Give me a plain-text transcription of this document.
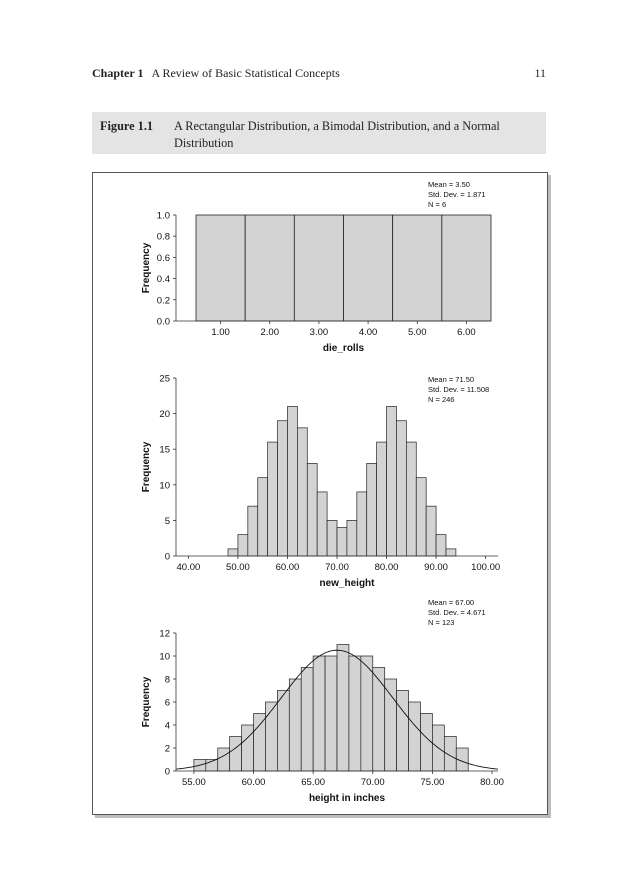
Chapter 1 A Review of Basic Statistical Concepts	11
Figure 1.1 A Rectangular Distribution, a Bimodal Distribution, and a Normal Distribution
Mean = 3.50
Std. Dev. = 1.871
N = 6
1.00	2.00	3.00	4.00	5.00	6.00
0.0
0.2
0.4
0.6
0.8
1.0
Frequency
die_rolls
Mean = 71.50
Std. Dev. = 11.508
N = 246
40.00	50.00	60.00	70.00	80.00	90.00 100.00
0
5
10
15
20
25
Frequency
new_height
Mean = 67.00
Std. Dev. = 4.671
N = 123
55.00	60.00	65.00	70.00	75.00	80.00
0
2
4
6
8
10
12
Frequency
height in inches
